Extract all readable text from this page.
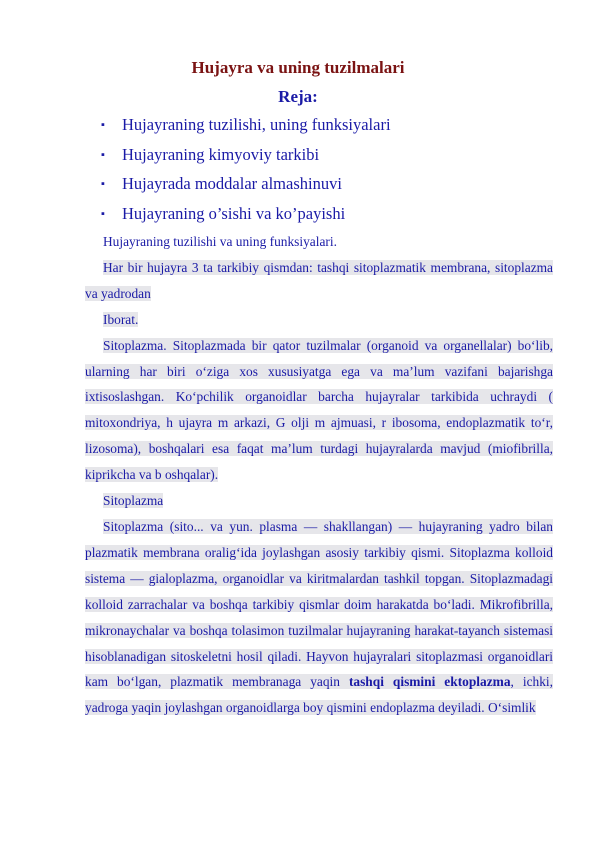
Hujayra va uning tuzilmalari
Reja:
▪ Hujayraning tuzilishi, uning funksiyalari
▪ Hujayraning kimyoviy tarkibi
▪ Hujayrada moddalar almashinuvi
▪ Hujayraning o’sishi va ko’payishi

Hujayraning tuzilishi va uning funksiyalari.

Har bir hujayra 3 ta tarkibiy qismdan: tashqi sitoplazmatik membrana, sitoplazma va yadrodan

Iborat.

Sitoplazma. Sitoplazmada bir qator tuzilmalar (organoid va organellalar) bo‘lib, ularning har biri o‘ziga xos xususiyatga ega va ma’lum vazifani bajarishga ixtisoslashgan. Ko‘pchilik organoidlar barcha hujayralar tarkibida uchraydi ( mitoxondriya, h ujayra m arkazi, G olji m ajmuasi, r ibosoma, endoplazmatik to‘r, lizosoma), boshqalari esa faqat ma’lum turdagi hujayralarda mavjud (miofibrilla, kiprikcha va b oshqalar).

Sitoplazma

Sitoplazma (sito... va yun. plasma — shakllangan) — hujayraning yadro bilan plazmatik membrana oralig‘ida joylashgan asosiy tarkibiy qismi. Sitoplazma kolloid sistema — gialoplazma, organoidlar va kiritmalardan tashkil topgan. Sitoplazmadagi kolloid zarrachalar va boshqa tarkibiy qismlar doim harakatda bo‘ladi. Mikrofibrilla, mikronaychalar va boshqa tolasimon tuzilmalar hujayraning harakat-tayanch sistemasi hisoblanadigan sitoskeletni hosil qiladi. Hayvon hujayralari sitoplazmasi organoidlari kam bo‘lgan, plazmatik membranaga yaqin tashqi qismini ektoplazma, ichki, yadroga yaqin joylashgan organoidlarga boy qismini endoplazma deyiladi. O‘simlik
